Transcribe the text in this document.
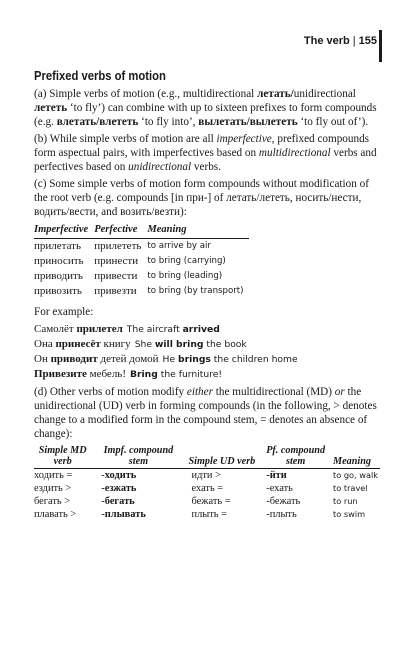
The verb | 155
Prefixed verbs of motion

(a) Simple verbs of motion (e.g., multidirectional летать/unidirectional лететь ‘to fly’) can combine with up to sixteen prefixes to form compounds (e.g. влетать/влететь ‘to fly into’, вылетать/вылететь ‘to fly out of’).

(b) While simple verbs of motion are all imperfective, prefixed compounds form aspectual pairs, with imperfectives based on multidirectional verbs and perfectives based on unidirectional verbs.

(c) Some simple verbs of motion form compounds without modification of the root verb (e.g. compounds [in при-] of летать/лететь, носить/нести, водить/вести, and возить/везти):

Imperfective	Perfective	Meaning
прилетать	прилететь	to arrive by air
приносить	принести	to bring (carrying)
приводить	привести	to bring (leading)
привозить	привезти	to bring (by transport)

For example:

Самолёт прилетел The aircraft arrived
Она принесёт книгу She will bring the book
Он приводит детей домой He brings the children home
Привезите мебель! Bring the furniture!

(d) Other verbs of motion modify either the multidirectional (MD) or the unidirectional (UD) verb in forming compounds (in the following, > denotes change to a modified form in the compound stem, = denotes an absence of change):

Simple MD verb	Impf. compound stem	Simple UD verb	Pf. compound stem	Meaning
ходить =	-ходить	идти >	-йти	to go, walk
ездить >	-езжать	ехать =	-ехать	to travel
бегать >	-бегать	бежать =	-бежать	to run
плавать >	-плывать	плыть =	-плыть	to swim
